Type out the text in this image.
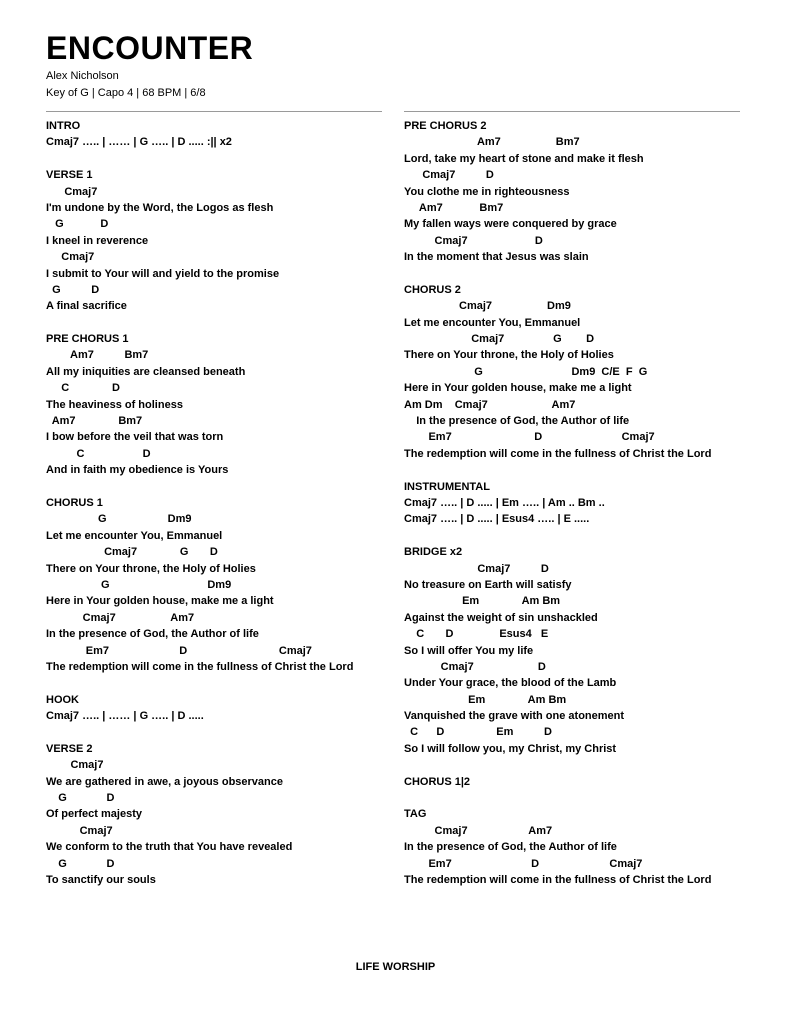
ENCOUNTER
Alex Nicholson
Key of G | Capo 4 | 68 BPM | 6/8
INTRO
Cmaj7 ….. | …… | G ….. | D ..... :|| x2
VERSE 1
Cmaj7
I'm undone by the Word, the Logos as flesh
G            D
I kneel in reverence
Cmaj7
I submit to Your will and yield to the promise
G          D
A final sacrifice
PRE CHORUS 1
Am7          Bm7
All my iniquities are cleansed beneath
C              D
The heaviness of holiness
Am7              Bm7
I bow before the veil that was torn
C                   D
And in faith my obedience is Yours
CHORUS 1
G                    Dm9
Let me encounter You, Emmanuel
Cmaj7              G       D
There on Your throne, the Holy of Holies
G                                Dm9
Here in Your golden house, make me a light
Cmaj7                  Am7
In the presence of God, the Author of life
Em7                       D                              Cmaj7
The redemption will come in the fullness of Christ the Lord
HOOK
Cmaj7 ….. | …… | G ….. | D .....
VERSE 2
Cmaj7
We are gathered in awe, a joyous observance
G             D
Of perfect majesty
Cmaj7
We conform to the truth that You have revealed
G             D
To sanctify our souls
PRE CHORUS 2
Am7                  Bm7
Lord, take my heart of stone and make it flesh
Cmaj7          D
You clothe me in righteousness
Am7            Bm7
My fallen ways were conquered by grace
Cmaj7                      D
In the moment that Jesus was slain
CHORUS 2
Cmaj7                  Dm9
Let me encounter You, Emmanuel
Cmaj7                G        D
There on Your throne, the Holy of Holies
G                             Dm9  C/E  F  G
Here in Your golden house, make me a light
Am Dm    Cmaj7                     Am7
In the presence of God, the Author of life
Em7                           D                          Cmaj7
The redemption will come in the fullness of Christ the Lord
INSTRUMENTAL
Cmaj7 ….. | D ..... | Em ….. | Am .. Bm ..
Cmaj7 ….. | D ..... | Esus4 ….. | E .....
BRIDGE x2
Cmaj7          D
No treasure on Earth will satisfy
Em              Am Bm
Against the weight of sin unshackled
C       D               Esus4   E
So I will offer You my life
Cmaj7                     D
Under Your grace, the blood of the Lamb
Em              Am Bm
Vanquished the grave with one atonement
C      D                 Em          D
So I will follow you, my Christ, my Christ
CHORUS 1|2
TAG
Cmaj7                    Am7
In the presence of God, the Author of life
Em7                          D                       Cmaj7
The redemption will come in the fullness of Christ the Lord
LIFE WORSHIP
